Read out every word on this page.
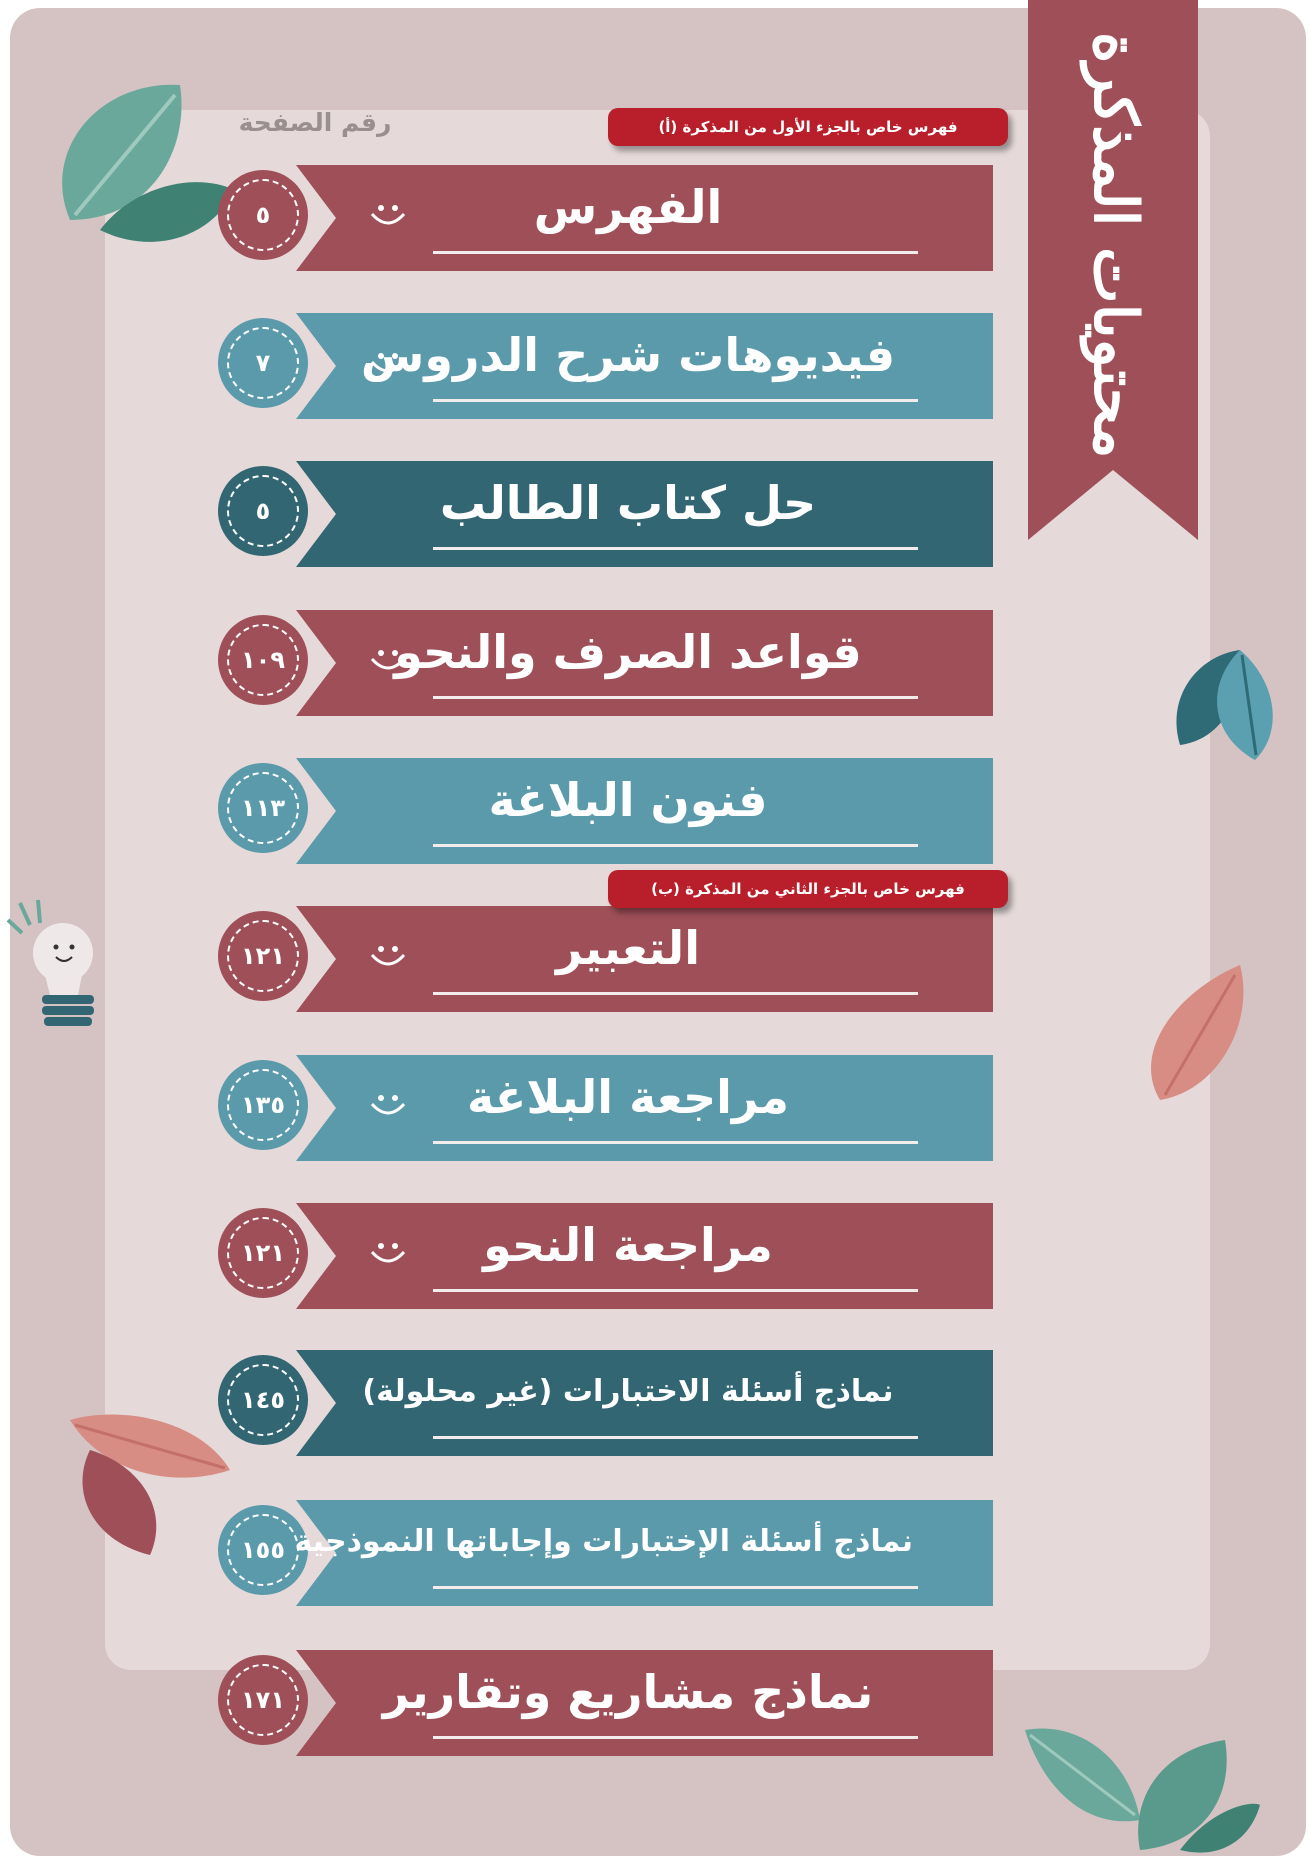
محتويات المذكرة
رقم الصفحة
٥	الفهرس
٧	فيديوهات شرح الدروس
٥	حل كتاب الطالب
١٠٩	قواعد الصرف والنحو
١١٣	فنون البلاغة
١٢١	التعبير
١٣٥	مراجعة البلاغة
١٢١	مراجعة النحو
١٤٥	نماذج أسئلة الاختبارات (غير محلولة)
١٥٥ نماذج أسئلة الإختبارات وإجاباتها النموذجية
١٧١	نماذج مشاريع وتقارير
فهرس خاص بالجزء الأول من المذكرة (أ)
فهرس خاص بالجزء الثاني من المذكرة (ب)
